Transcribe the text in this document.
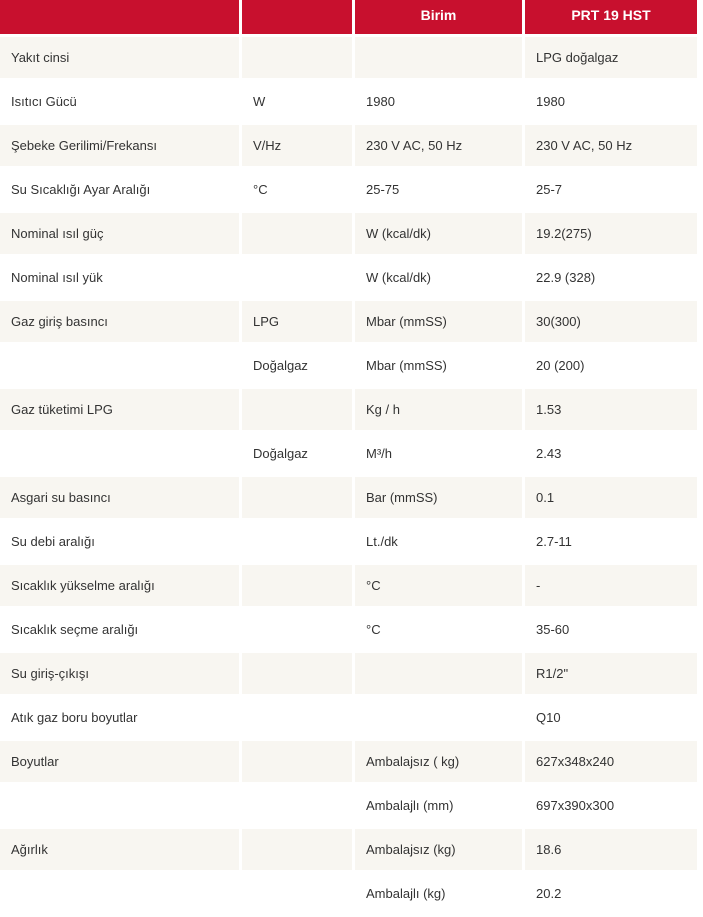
		Birim	PRT 19 HST
Yakıt cinsi			LPG doğalgaz
Isıtıcı Gücü	W	1980	1980
Şebeke Gerilimi/Frekansı	V/Hz	230 V AC, 50 Hz	230 V AC, 50 Hz
Su Sıcaklığı Ayar Aralığı	°C	25-75	25-7
Nominal ısıl güç		W (kcal/dk)	19.2(275)
Nominal ısıl yük		W (kcal/dk)	22.9 (328)
Gaz giriş basıncı	LPG	Mbar (mmSS)	30(300)
	Doğalgaz	Mbar (mmSS)	20 (200)
Gaz tüketimi LPG		Kg / h	1.53
	Doğalgaz	M³/h	2.43
Asgari su basıncı		Bar (mmSS)	0.1
Su debi aralığı		Lt./dk	2.7-11
Sıcaklık yükselme aralığı		°C	-
Sıcaklık seçme aralığı		°C	35-60
Su giriş-çıkışı			R1/2"
Atık gaz boru boyutlar			Q10
Boyutlar		Ambalajsız ( kg)	627x348x240
		Ambalajlı (mm)	697x390x300
Ağırlık		Ambalajsız (kg)	18.6
		Ambalajlı (kg)	20.2
